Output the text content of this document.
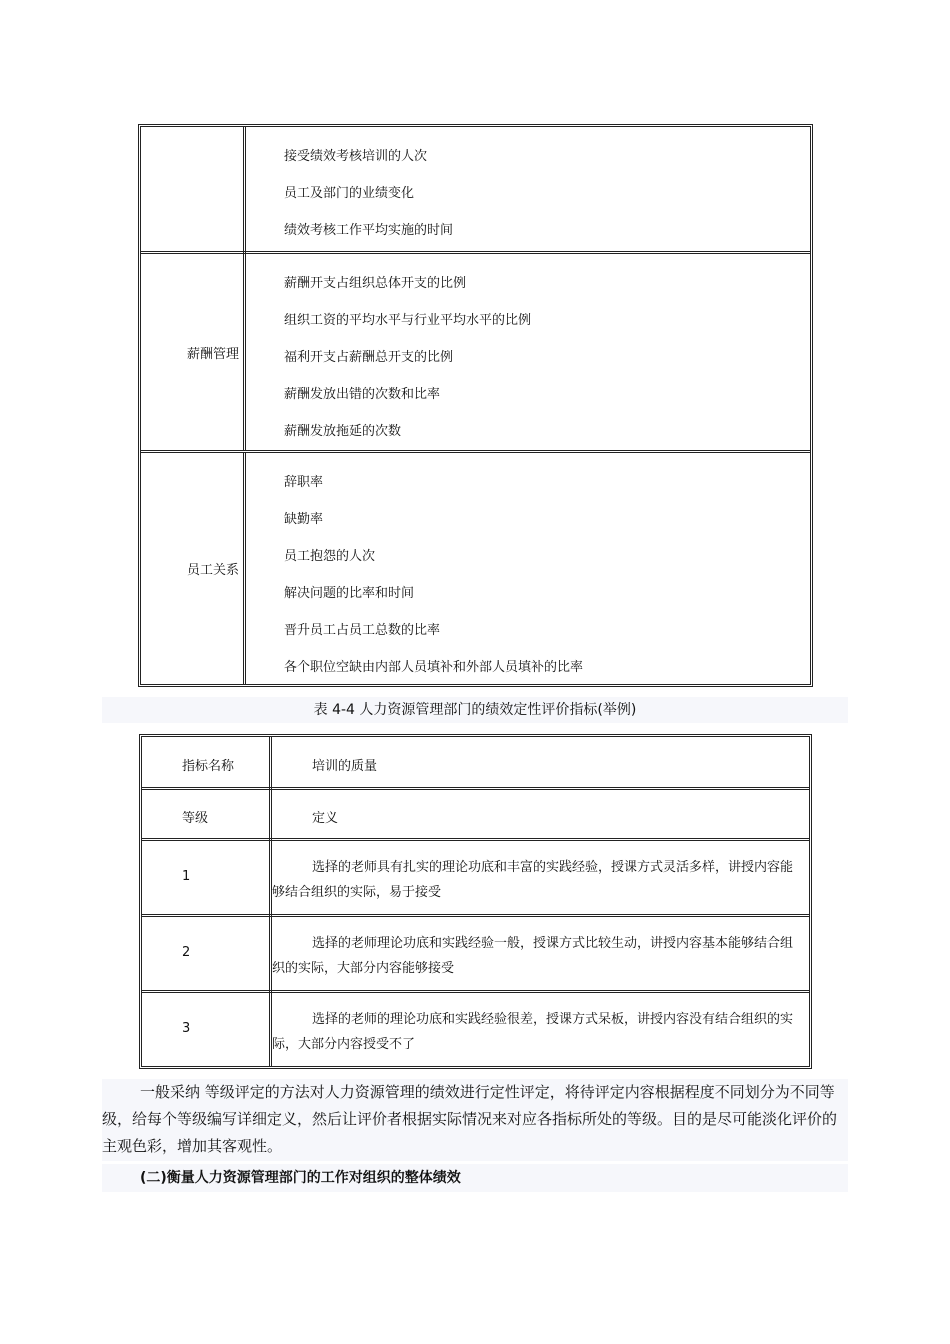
接受绩效考核培训的人次
员工及部门的业绩变化
绩效考核工作平均实施的时间
薪酬管理
薪酬开支占组织总体开支的比例
组织工资的平均水平与行业平均水平的比例
福利开支占薪酬总开支的比例
薪酬发放出错的次数和比率
薪酬发放拖延的次数
员工关系
辞职率
缺勤率
员工抱怨的人次
解决问题的比率和时间
晋升员工占员工总数的比率
各个职位空缺由内部人员填补和外部人员填补的比率
表 4-4 人力资源管理部门的绩效定性评价指标(举例)
指标名称	培训的质量
等级	定义
1
选择的老师具有扎实的理论功底和丰富的实践经验，授课方式灵活多样，讲授内容能够结合组织的实际，易于接受
2
选择的老师理论功底和实践经验一般，授课方式比较生动，讲授内容基本能够结合组织的实际，大部分内容能够接受
3
选择的老师的理论功底和实践经验很差，授课方式呆板，讲授内容没有结合组织的实际，大部分内容授受不了

一般采纳 等级评定的方法对人力资源管理的绩效进行定性评定，将待评定内容根据程度不同划分为不同等级，给每个等级编写详细定义，然后让评价者根据实际情况来对应各指标所处的等级。目的是尽可能淡化评价的主观色彩，增加其客观性。

(二)衡量人力资源管理部门的工作对组织的整体绩效
